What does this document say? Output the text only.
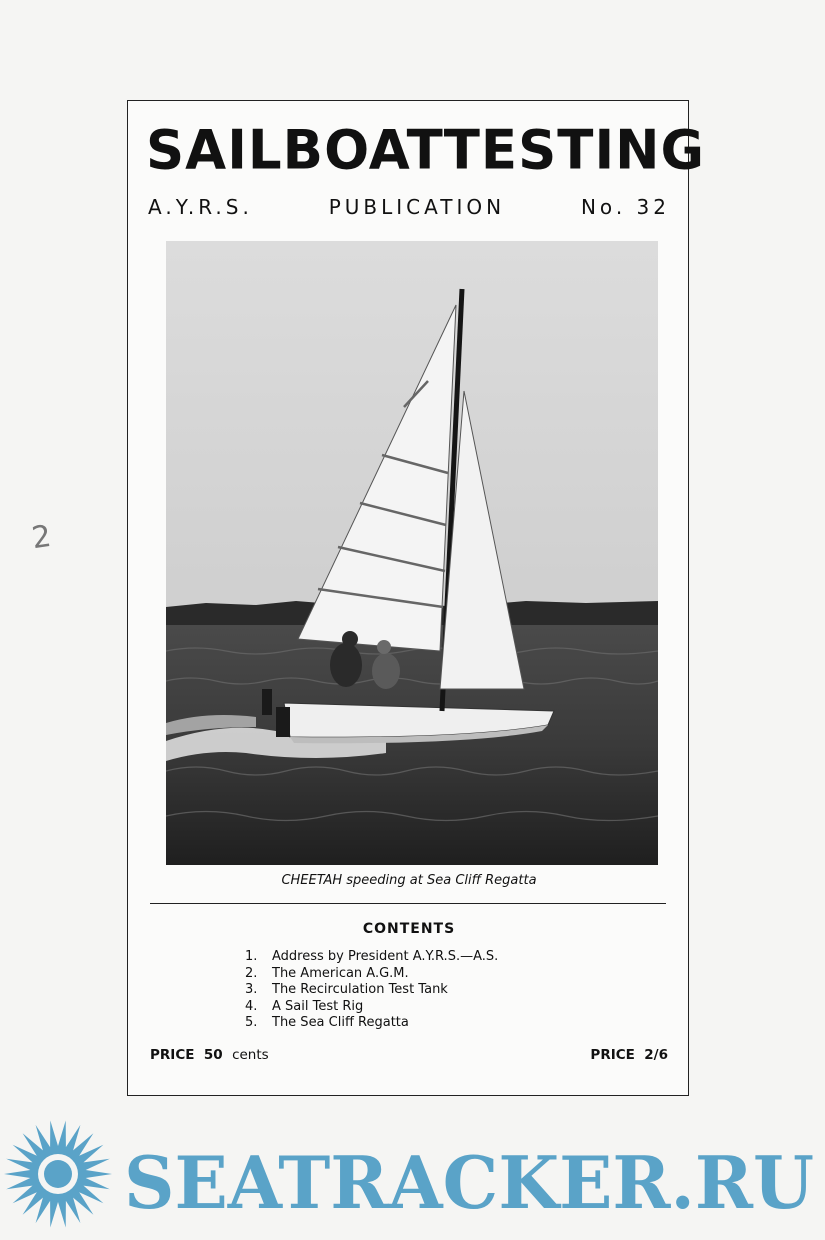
2
SAILBOAT TESTING
A.Y.R.S.	PUBLICATION	No. 32
CHEETAH speeding at Sea Cliff Regatta
CONTENTS
1.	Address by President A.Y.R.S.—A.S.
2.	The American A.G.M.
3.	The Recirculation Test Tank
4.	A Sail Test Rig
5.	The Sea Cliff Regatta
PRICE 50 cents	PRICE 2/6
SEATRACKER.RU
